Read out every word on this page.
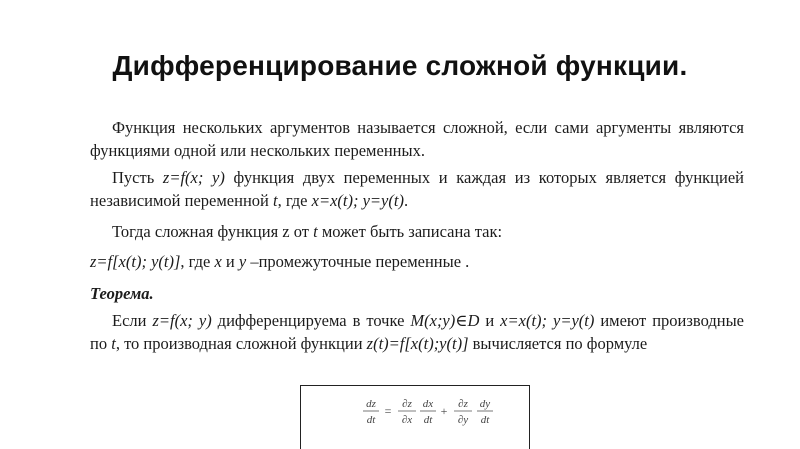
Дифференцирование сложной функции.

Функция нескольких аргументов называется сложной, если сами аргументы являются функциями одной или нескольких переменных.

Пусть z=f(x; y) функция двух переменных и каждая из которых является функцией независимой переменной t, где x=x(t); y=y(t).

Тогда сложная функция z от t может быть записана так:

z=f[x(t); y(t)], где x и y –промежуточные переменные .

Теорема.

Если z=f(x; y) дифференцируема в точке M(x;y)∈D и x=x(t); y=y(t) имеют производные по t, то производная сложной функции z(t)=f[x(t);y(t)] вычисляется по формуле

dz
dt
= ∂z
∂x
dx
dt
+ ∂z
∂y
dy
dt
